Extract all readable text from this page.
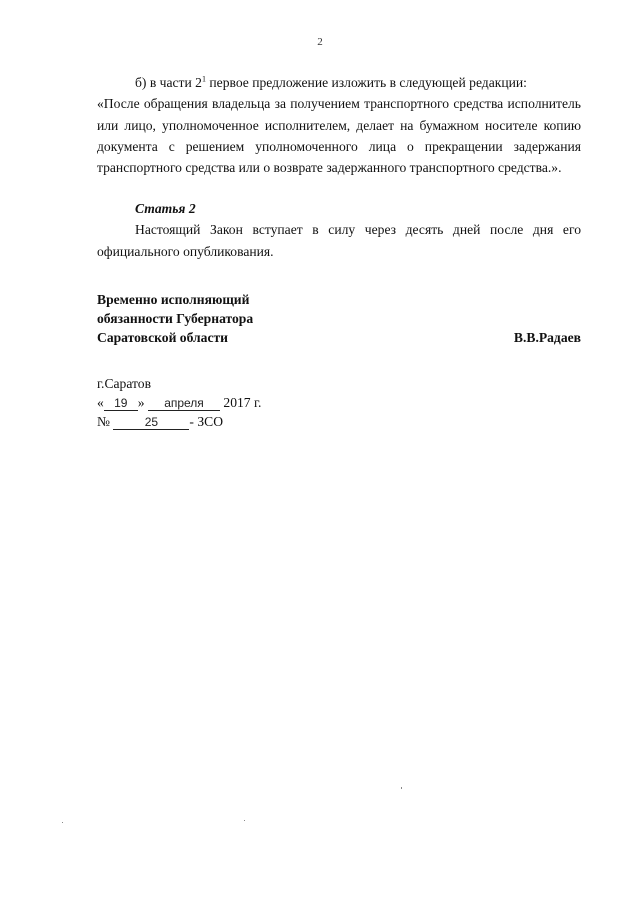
2

б) в части $2^1$ первое предложение изложить в следующей редакции:

«После обращения владельца за получением транспортного средства исполнитель или лицо, уполномоченное исполнителем, делает на бумажном носителе копию документа с решением уполномоченного лица о прекращении задержания транспортного средства или о возврате задержанного транспортного средства.».

Статья 2

Настоящий Закон вступает в силу через десять дней после дня его официального опубликования.

Временно исполняющий
обязанности Губернатора
Саратовской области	В.В.Радаев
г.Саратов
« 19 » апреля 2017 г.
№	25 - ЗСО
